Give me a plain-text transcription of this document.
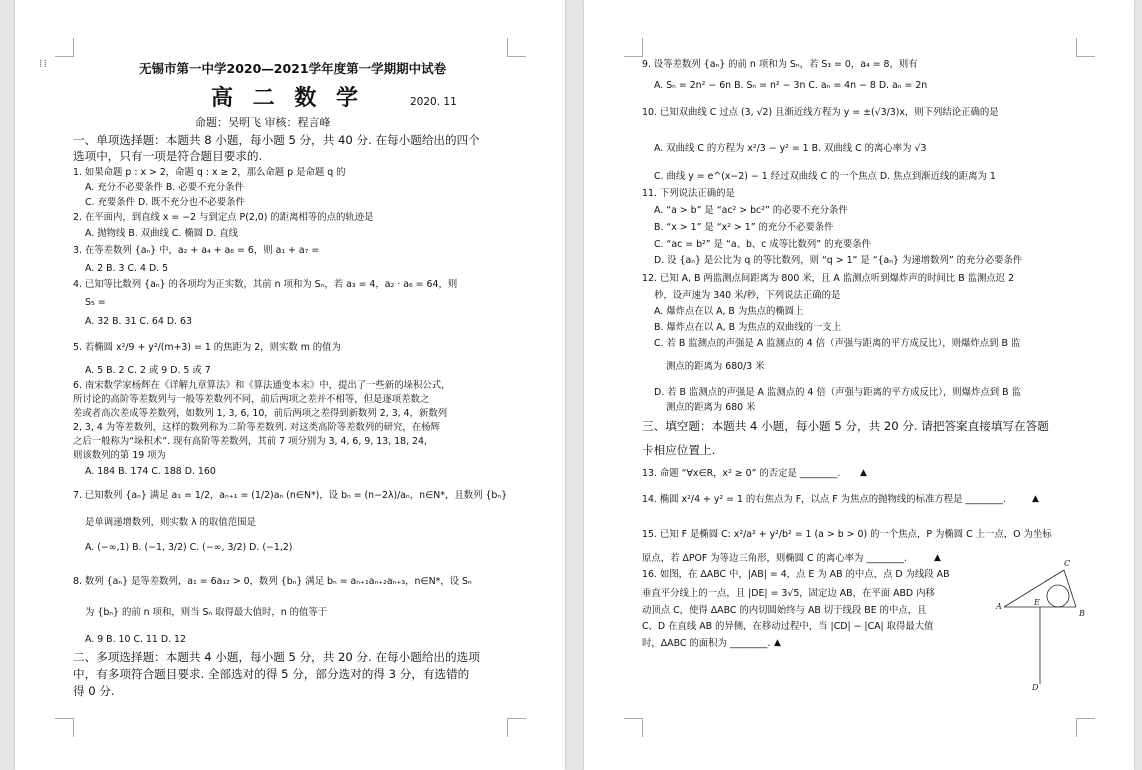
⁞⁞	无锡市第一中学2020—2021学年度第一学期期中试卷
高 二 数 学	2020. 11
命题：吴明飞 审核：程言峰
一、单项选择题：本题共 8 小题，每小题 5 分，共 40 分. 在每小题给出的四个
选项中，只有一项是符合题目要求的.
1. 如果命题 p : x > 2，命题 q : x ≥ 2，那么命题 p 是命题 q 的
A. 充分不必要条件 B. 必要不充分条件
C. 充要条件 D. 既不充分也不必要条件
2. 在平面内，到直线 x = −2 与到定点 P(2,0) 的距离相等的点的轨迹是
A. 抛物线 B. 双曲线 C. 椭圆 D. 直线
3. 在等差数列 {aₙ} 中，a₂ + a₄ + a₆ = 6，则 a₁ + a₇ =
A. 2 B. 3 C. 4 D. 5
4. 已知等比数列 {aₙ} 的各项均为正实数，其前 n 项和为 Sₙ，若 a₃ = 4，a₂ · a₆ = 64，则
S₅ =
A. 32 B. 31 C. 64 D. 63
5. 若椭圆 x²/9 + y²/(m+3) = 1 的焦距为 2，则实数 m 的值为
A. 5 B. 2 C. 2 或 9 D. 5 或 7
6. 南宋数学家杨辉在《详解九章算法》和《算法通变本末》中，提出了一些新的垛积公式，
所讨论的高阶等差数列与一般等差数列不同，前后两项之差并不相等，但是逐项差数之
差或者高次差成等差数列，如数列 1, 3, 6, 10，前后两项之差得到新数列 2, 3, 4，新数列
2, 3, 4 为等差数列，这样的数列称为二阶等差数列. 对这类高阶等差数列的研究，在杨辉
之后一般称为“垛积术”. 现有高阶等差数列，其前 7 项分别为 3, 4, 6, 9, 13, 18, 24,
则该数列的第 19 项为
A. 184 B. 174 C. 188 D. 160
7. 已知数列 {aₙ} 满足 a₁ = 1/2，aₙ₊₁ = (1/2)aₙ (n∈N*)，设 bₙ = (n−2λ)/aₙ，n∈N*，且数列 {bₙ}
是单调递增数列，则实数 λ 的取值范围是
A. (−∞,1) B. (−1, 3/2) C. (−∞, 3/2) D. (−1,2)
8. 数列 {aₙ} 是等差数列，a₁ = 6a₁₂ > 0，数列 {bₙ} 满足 bₙ = aₙ₊₁aₙ₊₂aₙ₊₃，n∈N*，设 Sₙ
为 {bₙ} 的前 n 项和，则当 Sₙ 取得最大值时，n 的值等于
A. 9 B. 10 C. 11 D. 12
二、多项选择题：本题共 4 小题，每小题 5 分，共 20 分. 在每小题给出的选项
中，有多项符合题目要求. 全部选对的得 5 分，部分选对的得 3 分，有选错的
得 0 分.
9. 设等差数列 {aₙ} 的前 n 项和为 Sₙ，若 S₃ = 0，a₄ = 8，则有
A. Sₙ = 2n² − 6n B. Sₙ = n² − 3n C. aₙ = 4n − 8 D. aₙ = 2n
10. 已知双曲线 C 过点 (3, √2) 且渐近线方程为 y = ±(√3/3)x，则下列结论正确的是
A. 双曲线 C 的方程为 x²/3 − y² = 1 B. 双曲线 C 的离心率为 √3
C. 曲线 y = e^(x−2) − 1 经过双曲线 C 的一个焦点 D. 焦点到渐近线的距离为 1
11. 下列说法正确的是
A. “a > b” 是 “ac² > bc²” 的必要不充分条件
B. “x > 1” 是 “x² > 1” 的充分不必要条件
C. “ac = b²” 是 “a、b、c 成等比数列” 的充要条件
D. 设 {aₙ} 是公比为 q 的等比数列，则 “q > 1” 是 “{aₙ} 为递增数列” 的充分必要条件
12. 已知 A, B 两监测点间距离为 800 米，且 A 监测点听到爆炸声的时间比 B 监测点迟 2
秒，设声速为 340 米/秒，下列说法正确的是
A. 爆炸点在以 A, B 为焦点的椭圆上
B. 爆炸点在以 A, B 为焦点的双曲线的一支上
C. 若 B 监测点的声强是 A 监测点的 4 倍（声强与距离的平方成反比），则爆炸点到 B 监
测点的距离为 680/3 米
D. 若 B 监测点的声强是 A 监测点的 4 倍（声强与距离的平方成反比），则爆炸点到 B 监
测点的距离为 680 米
三、填空题：本题共 4 小题，每小题 5 分，共 20 分. 请把答案直接填写在答题
卡相应位置上.
13. 命题 “∀x∈R，x² ≥ 0” 的否定是 ________.
14. 椭圆 x²/4 + y² = 1 的右焦点为 F，以点 F 为焦点的抛物线的标准方程是 ________.
15. 已知 F 是椭圆 C: x²/a² + y²/b² = 1 (a > b > 0) 的一个焦点，P 为椭圆 C 上一点，O 为坐标
原点，若 ΔPOF 为等边三角形，则椭圆 C 的离心率为 ________.
16. 如图，在 ΔABC 中，|AB| = 4，点 E 为 AB 的中点，点 D 为线段 AB
垂直平分线上的一点，且 |DE| = 3√5，固定边 AB，在平面 ABD 内移
动顶点 C，使得 ΔABC 的内切圆始终与 AB 切于线段 BE 的中点，且
C、D 在直线 AB 的异侧，在移动过程中，当 |CD| − |CA| 取得最大值
时，ΔABC 的面积为 ________.
▲
▲
▲
▲
C
A	E
B
D
